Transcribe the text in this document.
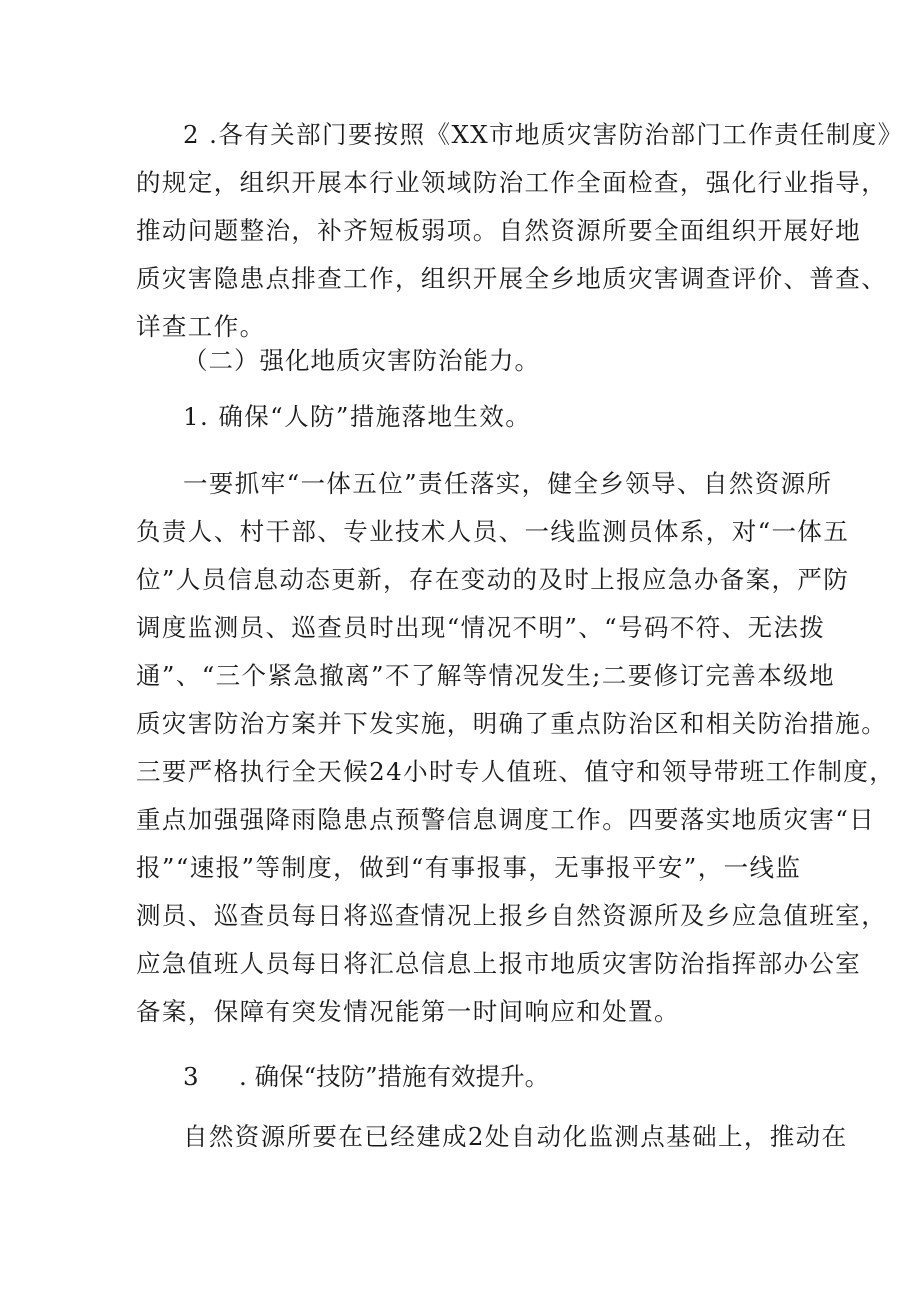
2 .各有关部门要按照《XX市地质灾害防治部门工作责任制度》
的规定，组织开展本行业领域防治工作全面检查，强化行业指导，
推动问题整治，补齐短板弱项。自然资源所要全面组织开展好地
质灾害隐患点排查工作，组织开展全乡地质灾害调查评价、普查、
详查工作。
（二）强化地质灾害防治能力。
1. 确保“人防”措施落地生效。
一要抓牢“一体五位”责任落实，健全乡领导、自然资源所
负责人、村干部、专业技术人员、一线监测员体系，对“一体五
位”人员信息动态更新，存在变动的及时上报应急办备案，严防
调度监测员、巡查员时出现“情况不明”、“号码不符、无法拨
通”、“三个紧急撤离”不了解等情况发生;二要修订完善本级地
质灾害防治方案并下发实施，明确了重点防治区和相关防治措施。
三要严格执行全天候24小时专人值班、值守和领导带班工作制度，
重点加强强降雨隐患点预警信息调度工作。四要落实地质灾害“日
报”“速报”等制度，做到“有事报事，无事报平安”，一线监
测员、巡查员每日将巡查情况上报乡自然资源所及乡应急值班室，
应急值班人员每日将汇总信息上报市地质灾害防治指挥部办公室
备案，保障有突发情况能第一时间响应和处置。
3 . 确保“技防”措施有效提升。
自然资源所要在已经建成2处自动化监测点基础上，推动在
